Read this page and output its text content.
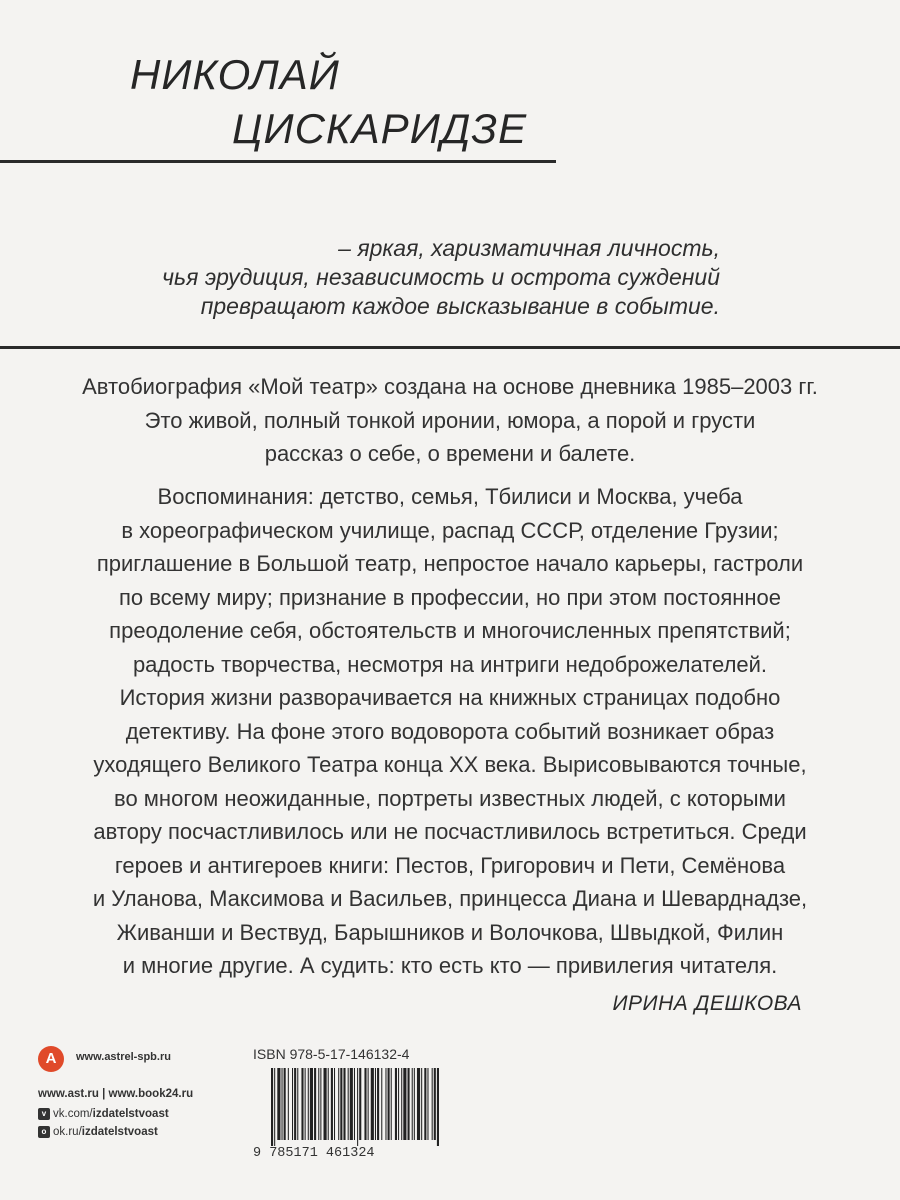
НИКОЛАЙ
ЦИСКАРИДЗЕ
– яркая, харизматичная личность,
чья эрудиция, независимость и острота суждений
превращают каждое высказывание в событие.
Автобиография «Мой театр» создана на основе дневника 1985–2003 гг.
Это живой, полный тонкой иронии, юмора, а порой и грусти
рассказ о себе, о времени и балете.
Воспоминания: детство, семья, Тбилиси и Москва, учеба
в хореографическом училище, распад СССР, отделение Грузии;
приглашение в Большой театр, непростое начало карьеры, гастроли
по всему миру; признание в профессии, но при этом постоянное
преодоление себя, обстоятельств и многочисленных препятствий;
радость творчества, несмотря на интриги недоброжелателей.
История жизни разворачивается на книжных страницах подобно
детективу. На фоне этого водоворота событий возникает образ
уходящего Великого Театра конца XX века. Вырисовываются точные,
во многом неожиданные, портреты известных людей, с которыми
автору посчастливилось или не посчастливилось встретиться. Среди
героев и антигероев книги: Пестов, Григорович и Пети, Семёнова
и Уланова, Максимова и Васильев, принцесса Диана и Шеварднадзе,
Живанши и Вествуд, Барышников и Волочкова, Швыдкой, Филин
и многие другие. А судить: кто есть кто — привилегия читателя.
ИРИНА ДЕШКОВА
A	www.astrel-spb.ru
www.ast.ru | www.book24.ru
v vk.com/izdatelstvoast
o ok.ru/izdatelstvoast
ISBN 978-5-17-146132-4
9 785171 461324
